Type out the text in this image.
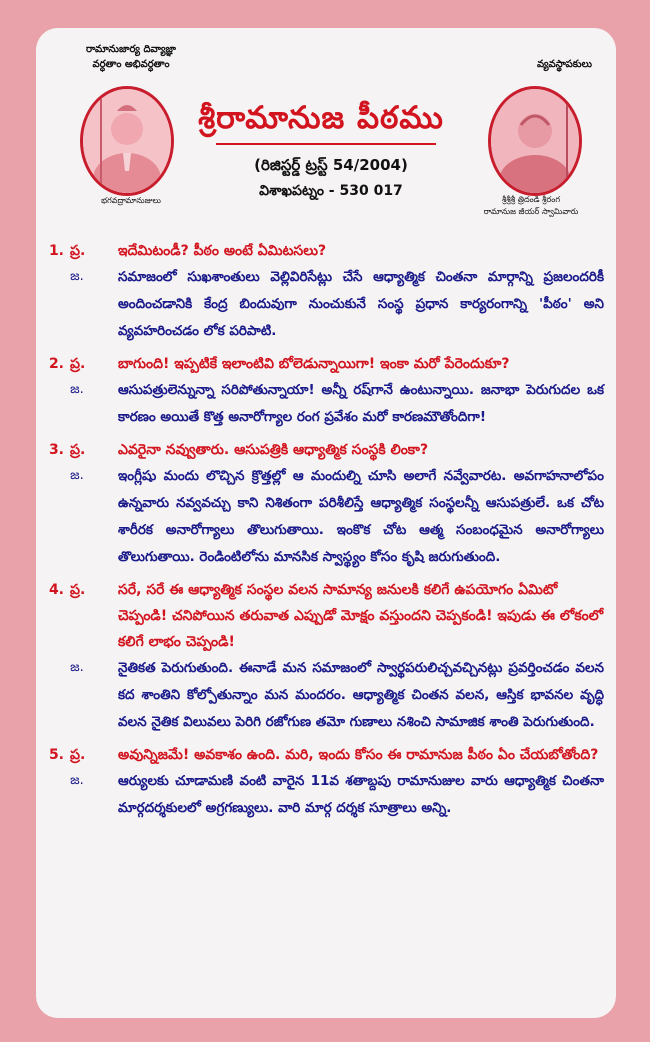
రామానుజార్య దివ్యాజ్ఞా
వర్ధతాం అభివర్ధతాం	వ్యవస్థాపకులు
భగవద్రామానుజులు
శ్రీరామానుజ పీఠము
(రిజిస్టర్డ్ ట్రస్ట్ 54/2004)
విశాఖపట్నం - 530 017
శ్రీశ్రీశ్రీ త్రిదండి శ్రీరంగ
రామానుజ జీయర్ స్వామివారు
1. ప్ర.	ఇదేమిటండీ? పీఠం అంటే ఏమిటసలు?
జ.	సమాజంలో సుఖశాంతులు వెల్లివిరిసేట్లు చేసే ఆధ్యాత్మిక చింతనా మార్గాన్ని ప్రజలందరికీ అందించడానికి కేంద్ర బిందువుగా నుంచుకునే సంస్థ ప్రధాన కార్యరంగాన్ని 'పీఠం' అని వ్యవహరించడం లోక పరిపాటి.
2. ప్ర.	బాగుంది! ఇప్పటికే ఇలాంటివి బోలెడున్నాయిగా! ఇంకా మరో పేరెందుకూ?
జ.	ఆసుపత్రులెన్నున్నా సరిపోతున్నాయా! అన్నీ రష్‌గానే ఉంటున్నాయి. జనాభా పెరుగుదల ఒక కారణం అయితే కొత్త అనారోగ్యాల రంగ ప్రవేశం మరో కారణమౌతోందిగా!
3. ప్ర.	ఎవరైనా నవ్వుతారు. ఆసుపత్రికి ఆధ్యాత్మిక సంస్థకి లింకా?
జ.	ఇంగ్లీషు మందు లొచ్చిన క్రొత్తల్లో ఆ మందుల్ని చూసి అలాగే నవ్వేవారట. అవగాహనాలోపం ఉన్నవారు నవ్వవచ్చు కాని నిశితంగా పరిశీలిస్తే ఆధ్యాత్మిక సంస్థలన్నీ ఆసుపత్రులే. ఒక చోట శారీరక అనారోగ్యాలు తొలుగుతాయి. ఇంకొక చోట ఆత్మ సంబంధమైన అనారోగ్యాలు తొలుగుతాయి. రెండింటిలోను మానసిక స్వాస్థ్యం కోసం కృషి జరుగుతుంది.
4. ప్ర.	సరే, సరే ఈ ఆధ్యాత్మిక సంస్థల వలన సామాన్య జనులకి కలిగే ఉపయోగం ఏమిటో చెప్పండి! చనిపోయిన తరువాత ఎప్పుడో మోక్షం వస్తుందని చెప్పకండి! ఇపుడు ఈ లోకంలో కలిగే లాభం చెప్పండి!
జ.	నైతికత పెరుగుతుంది. ఈనాడే మన సమాజంలో స్వార్థపరులిచ్చవచ్చినట్లు ప్రవర్తించడం వలన కద శాంతిని కోల్పోతున్నాం మన మందరం. ఆధ్యాత్మిక చింతన వలన, ఆస్తిక భావనల వృద్ధి వలన నైతిక విలువలు పెరిగి రజోగుణ తమో గుణాలు నశించి సామాజిక శాంతి పెరుగుతుంది.
5. ప్ర.	అవున్నిజమే! అవకాశం ఉంది. మరి, ఇందు కోసం ఈ రామానుజ పీఠం ఏం చేయబోతోంది?
జ.	ఆర్యులకు చూడామణి వంటి వారైన 11వ శతాబ్దపు రామానుజుల వారు ఆధ్యాత్మిక చింతనా మార్గదర్శకులలో అగ్రగణ్యులు. వారి మార్గ దర్శక సూత్రాలు అన్ని.
